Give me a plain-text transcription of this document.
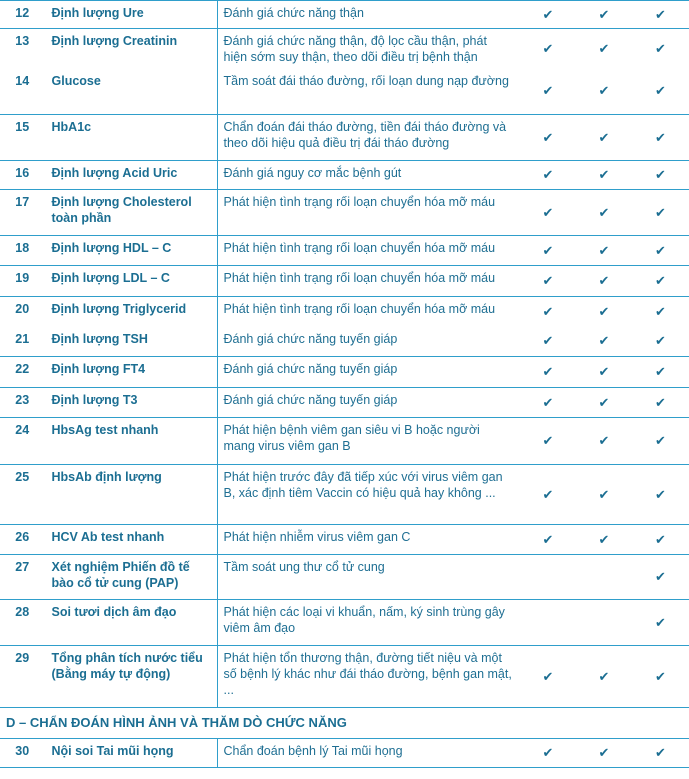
12	Định lượng Ure	Đánh giá chức năng thận	✔	✔	✔
13	Định lượng Creatinin	Đánh giá chức năng thận, độ lọc cầu thận, phát hiện sớm suy thận, theo dõi điều trị bệnh thận	✔	✔	✔
14	Glucose	Tầm soát đái tháo đường, rối loạn dung nạp đường	✔	✔	✔
15	HbA1c	Chẩn đoán đái tháo đường, tiền đái tháo đường và theo dõi hiệu quả điều trị đái tháo đường	✔	✔	✔
16	Định lượng Acid Uric	Đánh giá nguy cơ mắc bệnh gút	✔	✔	✔
17	Định lượng Cholesterol toàn phần	Phát hiện tình trạng rối loạn chuyển hóa mỡ máu	✔	✔	✔
18	Định lượng HDL – C	Phát hiện tình trạng rối loạn chuyển hóa mỡ máu	✔	✔	✔
19	Định lượng LDL – C	Phát hiện tình trạng rối loạn chuyển hóa mỡ máu	✔	✔	✔
20	Định lượng Triglycerid	Phát hiện tình trạng rối loạn chuyển hóa mỡ máu	✔	✔	✔
21	Định lượng TSH	Đánh giá chức năng tuyến giáp	✔	✔	✔
22	Định lượng FT4	Đánh giá chức năng tuyến giáp	✔	✔	✔
23	Định lượng T3	Đánh giá chức năng tuyến giáp	✔	✔	✔
24	HbsAg test nhanh	Phát hiện bệnh viêm gan siêu vi B hoặc người mang virus viêm gan B	✔	✔	✔
25	HbsAb định lượng	Phát hiện trước đây đã tiếp xúc với virus viêm gan B, xác định tiêm Vaccin có hiệu quả hay không ...	✔	✔	✔
26	HCV Ab test nhanh	Phát hiện nhiễm virus viêm gan C	✔	✔	✔
27	Xét nghiệm Phiến đồ tế bào cổ tử cung (PAP)	Tầm soát ung thư cổ tử cung			✔
28	Soi tươi dịch âm đạo	Phát hiện các loại vi khuẩn, nấm, ký sinh trùng gây viêm âm đạo			✔
29	Tổng phân tích nước tiểu (Bằng máy tự động)	Phát hiện tổn thương thận, đường tiết niệu và một số bệnh lý khác như đái tháo đường, bệnh gan mật, ...	✔	✔	✔
D – CHẨN ĐOÁN HÌNH ẢNH VÀ THĂM DÒ CHỨC NĂNG					
30	Nội soi Tai mũi họng	Chẩn đoán bệnh lý Tai mũi họng	✔	✔	✔
